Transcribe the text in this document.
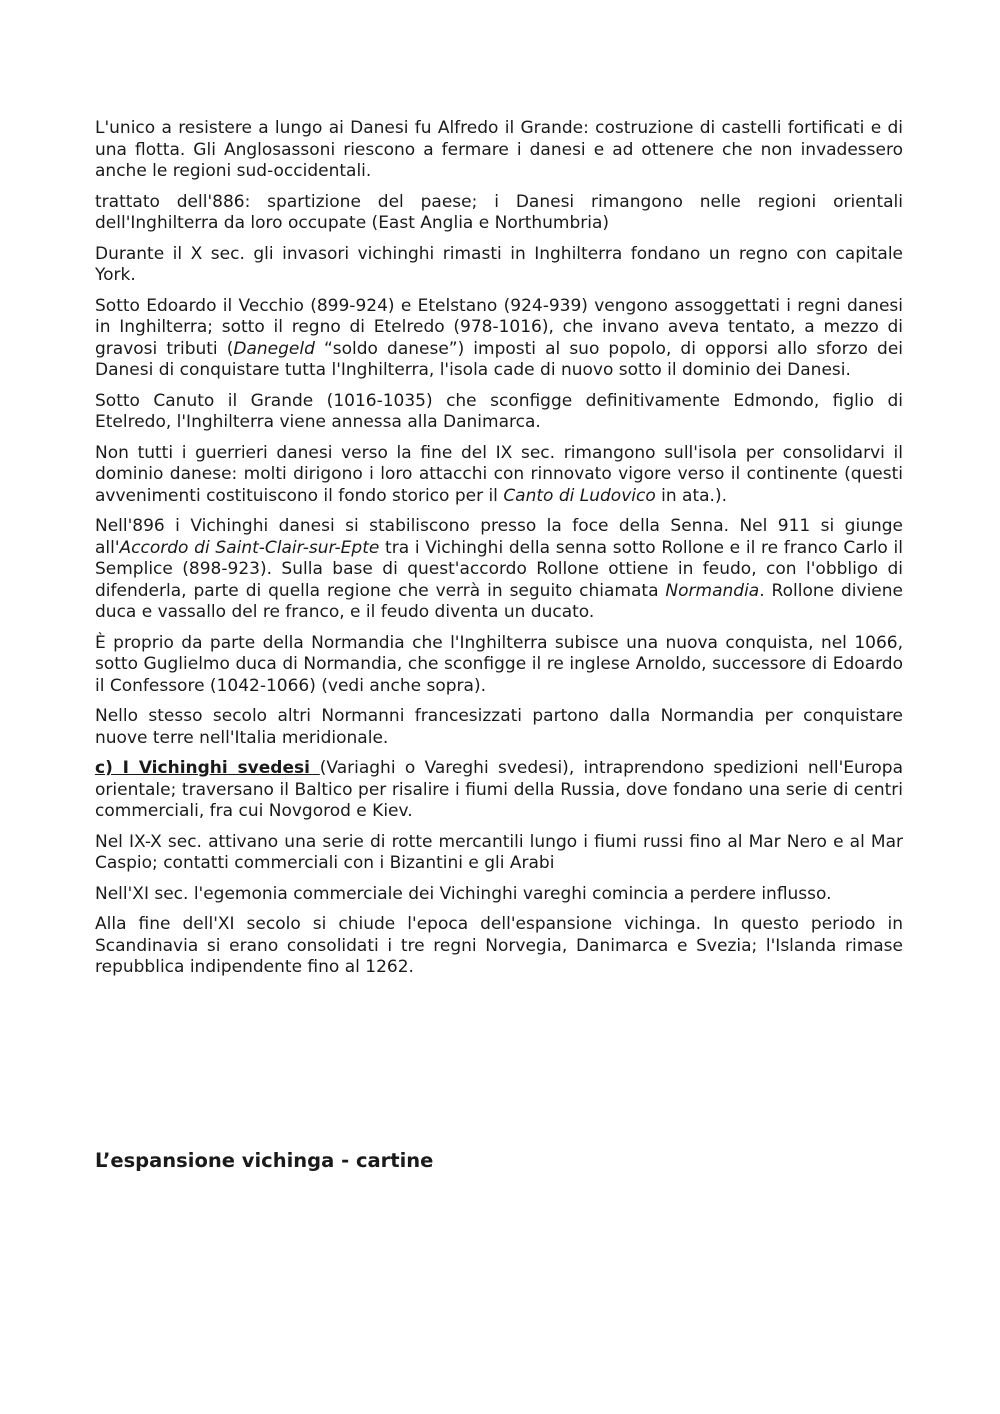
L'unico a resistere a lungo ai Danesi fu Alfredo il Grande: costruzione di castelli fortificati e di una flotta. Gli Anglosassoni riescono a fermare i danesi e ad ottenere che non invadessero anche le regioni sud-occidentali.

trattato dell'886: spartizione del paese; i Danesi rimangono nelle regioni orientali dell'Inghilterra da loro occupate (East Anglia e Northumbria)

Durante il X sec. gli invasori vichinghi rimasti in Inghilterra fondano un regno con capitale York.

Sotto Edoardo il Vecchio (899-924) e Etelstano (924-939) vengono assoggettati i regni danesi in Inghilterra; sotto il regno di Etelredo (978-1016), che invano aveva tentato, a mezzo di gravosi tributi (Danegeld “soldo danese”) imposti al suo popolo, di opporsi allo sforzo dei Danesi di conquistare tutta l'Inghilterra, l'isola cade di nuovo sotto il dominio dei Danesi.

Sotto Canuto il Grande (1016-1035) che sconfigge definitivamente Edmondo, figlio di Etelredo, l'Inghilterra viene annessa alla Danimarca.

Non tutti i guerrieri danesi verso la fine del IX sec. rimangono sull'isola per consolidarvi il dominio danese: molti dirigono i loro attacchi con rinnovato vigore verso il continente (questi avvenimenti costituiscono il fondo storico per il Canto di Ludovico in ata.).

Nell'896 i Vichinghi danesi si stabiliscono presso la foce della Senna. Nel 911 si giunge all'Accordo di Saint-Clair-sur-Epte tra i Vichinghi della senna sotto Rollone e il re franco Carlo il Semplice (898-923). Sulla base di quest'accordo Rollone ottiene in feudo, con l'obbligo di difenderla, parte di quella regione che verrà in seguito chiamata Normandia. Rollone diviene duca e vassallo del re franco, e il feudo diventa un ducato.

È proprio da parte della Normandia che l'Inghilterra subisce una nuova conquista, nel 1066, sotto Guglielmo duca di Normandia, che sconfigge il re inglese Arnoldo, successore di Edoardo il Confessore (1042-1066) (vedi anche sopra).

Nello stesso secolo altri Normanni francesizzati partono dalla Normandia per conquistare nuove terre nell'Italia meridionale.

c) I Vichinghi svedesi (Variaghi o Vareghi svedesi), intraprendono spedizioni nell'Europa orientale; traversano il Baltico per risalire i fiumi della Russia, dove fondano una serie di centri commerciali, fra cui Novgorod e Kiev.

Nel IX-X sec. attivano una serie di rotte mercantili lungo i fiumi russi fino al Mar Nero e al Mar Caspio; contatti commerciali con i Bizantini e gli Arabi

Nell'XI sec. l'egemonia commerciale dei Vichinghi vareghi comincia a perdere influsso.

Alla fine dell'XI secolo si chiude l'epoca dell'espansione vichinga. In questo periodo in Scandinavia si erano consolidati i tre regni Norvegia, Danimarca e Svezia; l'Islanda rimase repubblica indipendente fino al 1262.

L’espansione vichinga - cartine
